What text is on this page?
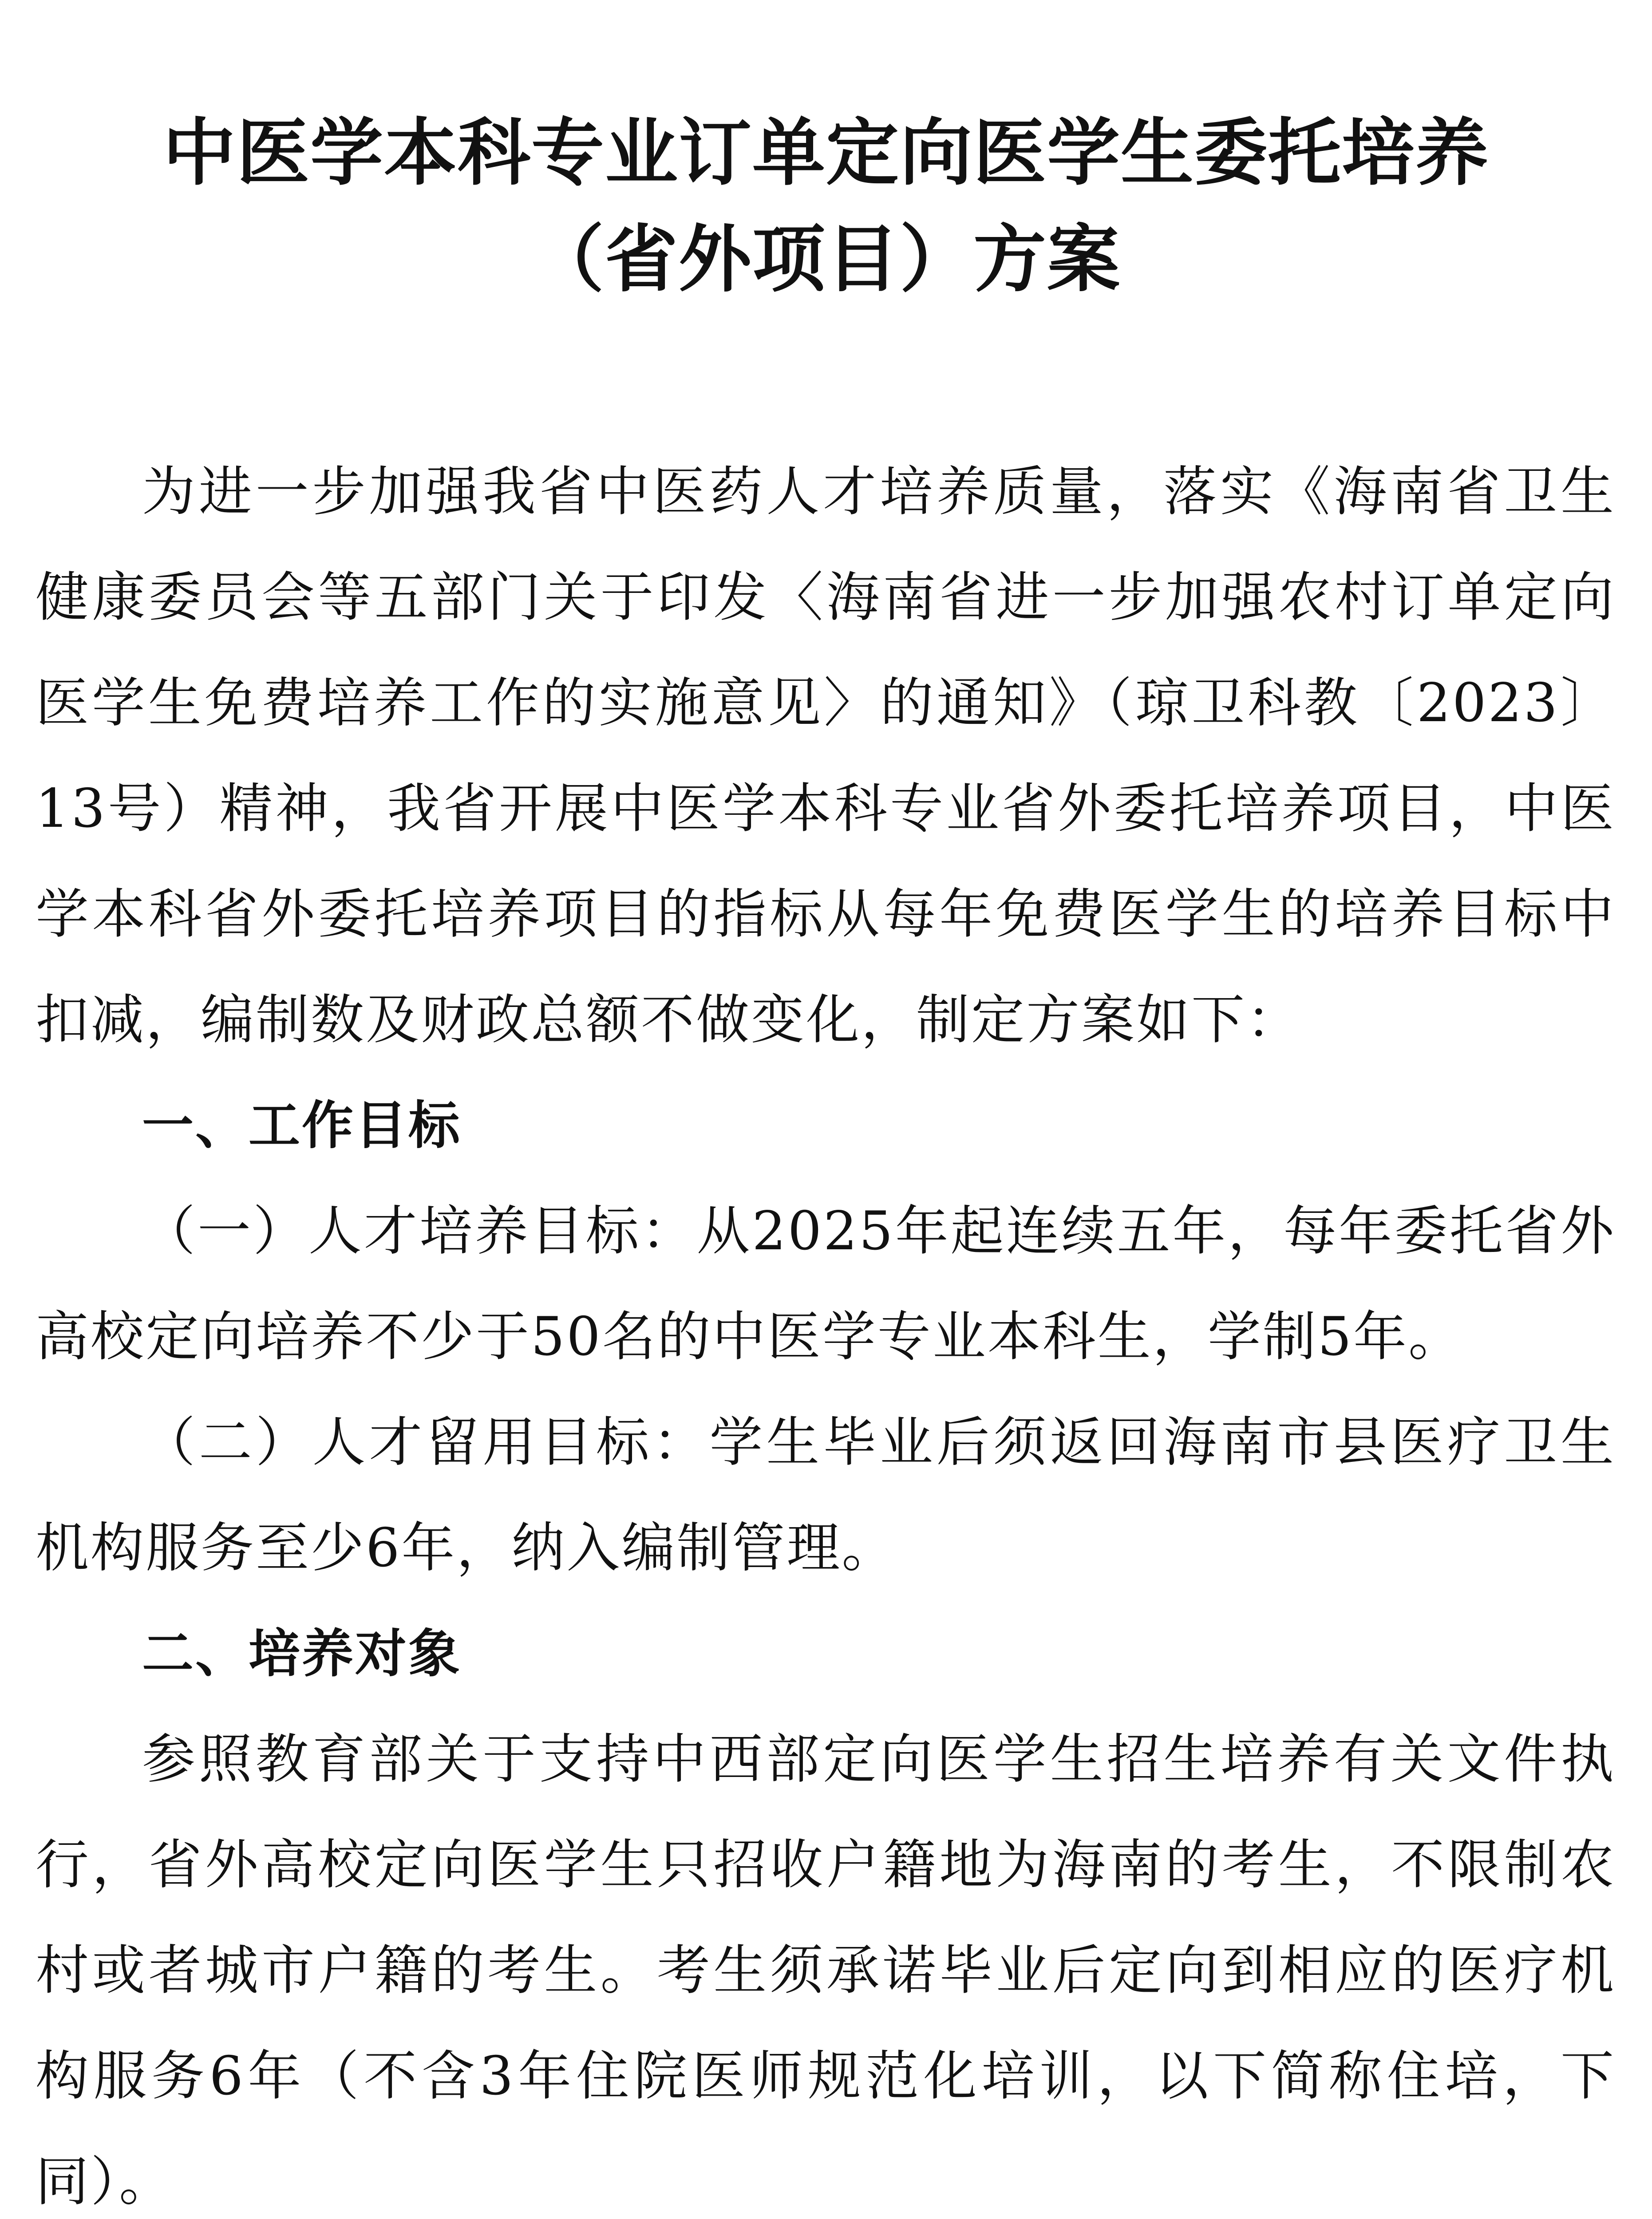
中医学本科专业订单定向医学生委托培养
（省外项目）方案

为进一步加强我省中医药人才培养质量，落实《海南省卫生健康委员会等五部门关于印发〈海南省进一步加强农村订单定向医学生免费培养工作的实施意见〉的通知》（琼卫科教〔2023〕13号）精神，我省开展中医学本科专业省外委托培养项目，中医学本科省外委托培养项目的指标从每年免费医学生的培养目标中扣减，编制数及财政总额不做变化，制定方案如下：

一、工作目标

（一）人才培养目标：从2025年起连续五年，每年委托省外高校定向培养不少于50名的中医学专业本科生，学制5年。

（二）人才留用目标：学生毕业后须返回海南市县医疗卫生机构服务至少6年，纳入编制管理。

二、培养对象

参照教育部关于支持中西部定向医学生招生培养有关文件执行，省外高校定向医学生只招收户籍地为海南的考生，不限制农村或者城市户籍的考生。考生须承诺毕业后定向到相应的医疗机构服务6年（不含3年住院医师规范化培训，以下简称住培，下同）。
